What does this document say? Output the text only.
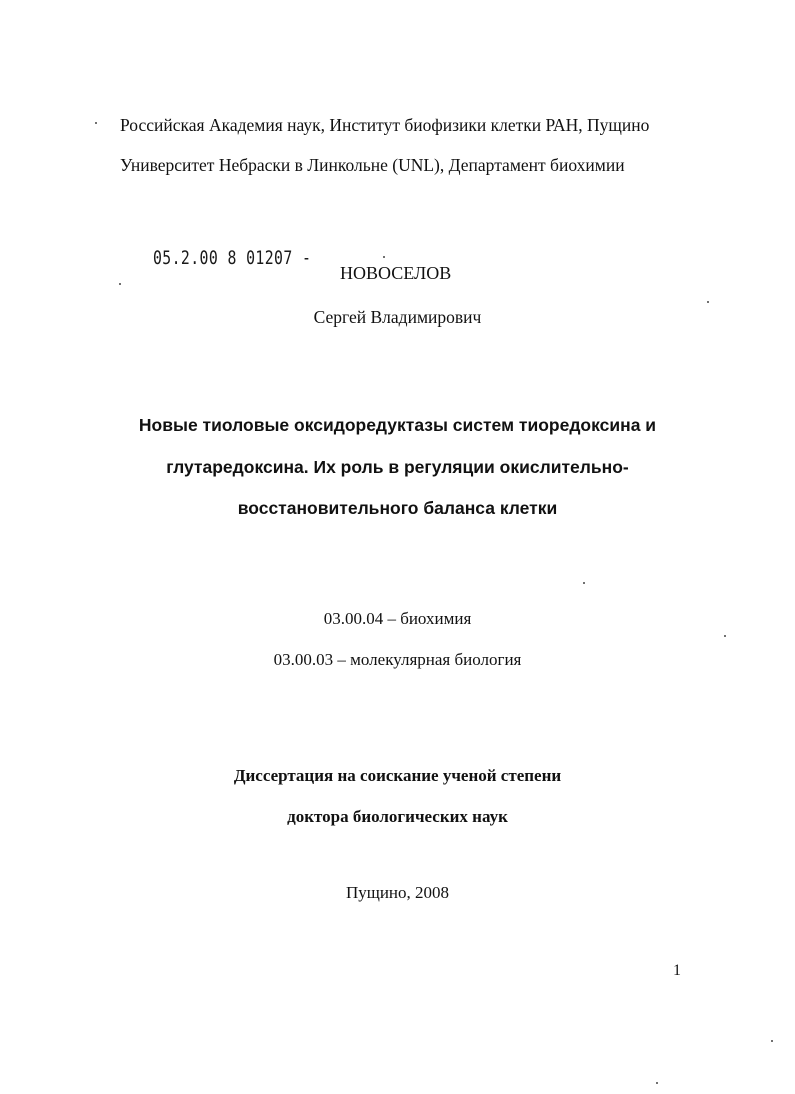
Российская Академия наук, Институт биофизики клетки РАН, Пущино
Университет Небраски в Линкольне (UNL), Департамент биохимии
05.2.00 8 01207 -
НОВОСЕЛОВ
Сергей Владимирович
Новые тиоловые оксидоредуктазы систем тиоредоксина и
глутаредоксина. Их роль в регуляции окислительно-
восстановительного баланса клетки
03.00.04 – биохимия
03.00.03 – молекулярная биология
Диссертация на соискание ученой степени
доктора биологических наук
Пущино, 2008
1
